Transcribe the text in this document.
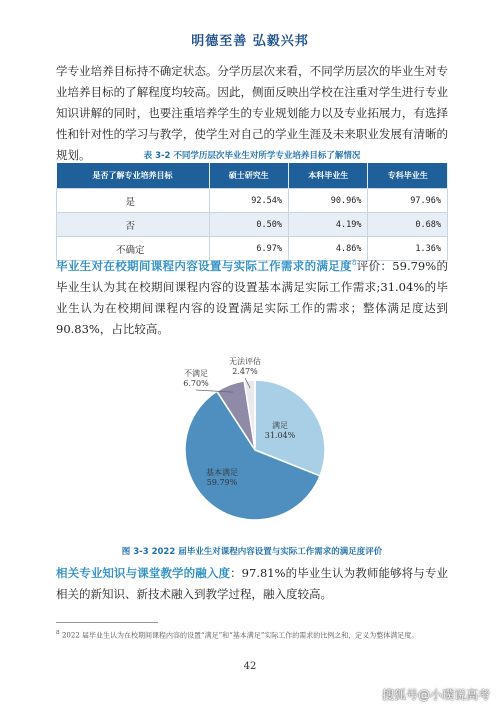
明德至善 弘毅兴邦
学专业培养目标持不确定状态。分学历层次来看，不同学历层次的毕业生对专业培养目标的了解程度均较高。因此，侧面反映出学校在注重对学生进行专业知识讲解的同时，也要注重培养学生的专业规划能力以及专业拓展力，有选择性和针对性的学习与教学，使学生对自己的学业生涯及未来职业发展有清晰的规划。	表 3-2 不同学历层次毕业生对所学专业培养目标了解情况
是否了解专业培养目标	硕士研究生	本科毕业生	专科毕业生
是	92.54%	90.96%	97.96%
否	0.50%	4.19%	0.68%
不确定	6.97%	4.86%	1.36%
毕业生对在校期间课程内容设置与实际工作需求的满足度$^8$评价：59.79%的毕业生认为其在校期间课程内容的设置基本满足实际工作需求;31.04%的毕业生认为在校期间课程内容的设置满足实际工作的需求；整体满足度达到 90.83%，占比较高。
满足
31.04%
基本满足
59.79%
不满足
6.70%
无法评估
2.47%
图 3-3 2022 届毕业生对课程内容设置与实际工作需求的满足度评价
相关专业知识与课堂教学的融入度：97.81%的毕业生认为教师能够将与专业相关的新知识、新技术融入到教学过程，融入度较高。
$^8$ 2022 届毕业生认为在校期间课程内容的设置“满足”和“基本满足”实际工作的需求的比例之和，定义为整体满足度。
42
搜狐号@小璞说高考
